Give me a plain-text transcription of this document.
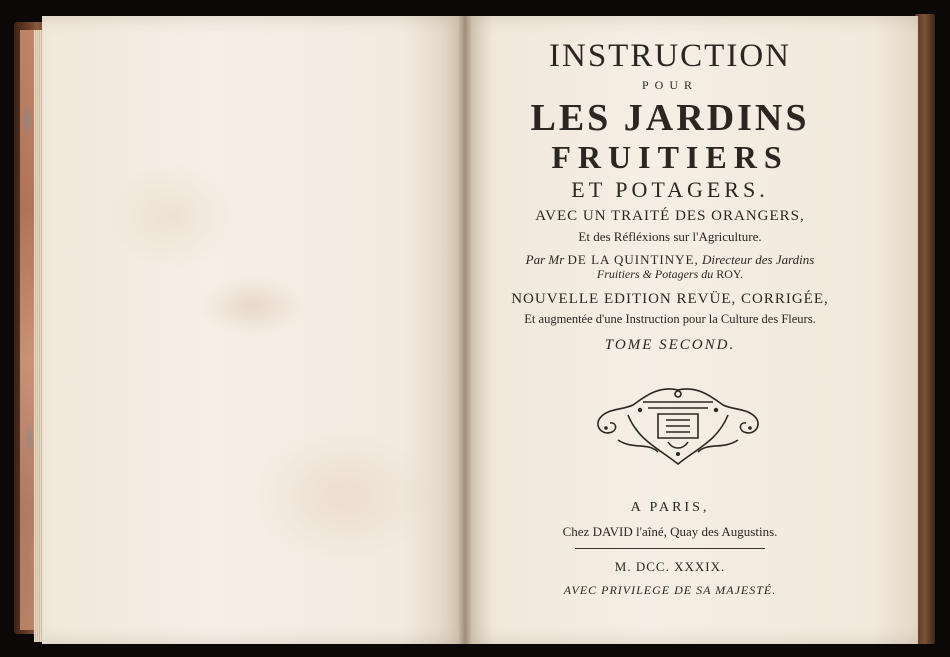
INSTRUCTION
POUR
LES JARDINS
FRUITIERS
ET POTAGERS.
AVEC UN TRAITÉ DES ORANGERS,
Et des Réfléxions sur l'Agriculture.
Par Mr DE LA QUINTINYE, Directeur des Jardins
Fruitiers & Potagers du ROY.
NOUVELLE EDITION REVÜE, CORRIGÉE,
Et augmentée d'une Instruction pour la Culture des Fleurs.
TOME SECOND.
A PARIS,
Chez DAVID l'aîné, Quay des Augustins.
M. DCC. XXXIX.
AVEC PRIVILEGE DE SA MAJESTÉ.
